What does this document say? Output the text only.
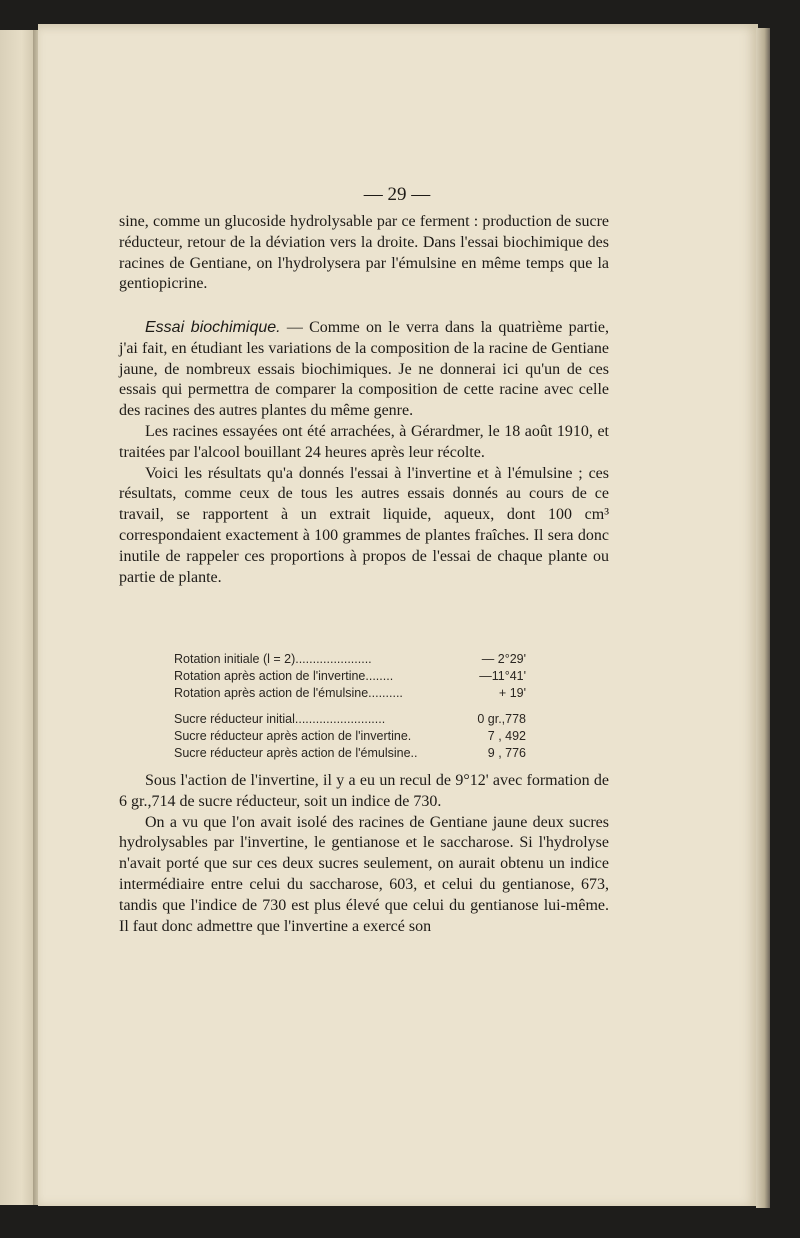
— 29 —

sine, comme un glucoside hydrolysable par ce ferment : production de sucre réducteur, retour de la déviation vers la droite. Dans l'essai biochimique des racines de Gentiane, on l'hydrolysera par l'émulsine en même temps que la gentiopicrine.

Essai biochimique. — Comme on le verra dans la quatrième partie, j'ai fait, en étudiant les variations de la composition de la racine de Gentiane jaune, de nombreux essais biochimiques. Je ne donnerai ici qu'un de ces essais qui permettra de comparer la composition de cette racine avec celle des racines des autres plantes du même genre.

Les racines essayées ont été arrachées, à Gérardmer, le 18 août 1910, et traitées par l'alcool bouillant 24 heures après leur récolte.

Voici les résultats qu'a donnés l'essai à l'invertine et à l'émulsine ; ces résultats, comme ceux de tous les autres essais donnés au cours de ce travail, se rapportent à un extrait liquide, aqueux, dont 100 cm³ correspondaient exactement à 100 grammes de plantes fraîches. Il sera donc inutile de rappeler ces proportions à propos de l'essai de chaque plante ou partie de plante.

Rotation initiale (l = 2)......................	— 2°29'
Rotation après action de l'invertine........	—11°41'
Rotation après action de l'émulsine..........	+ 19'
Sucre réducteur initial..........................	0 gr.,778
Sucre réducteur après action de l'invertine.	7 , 492
Sucre réducteur après action de l'émulsine..	9 , 776

Sous l'action de l'invertine, il y a eu un recul de 9°12' avec formation de 6 gr.,714 de sucre réducteur, soit un indice de 730.

On a vu que l'on avait isolé des racines de Gentiane jaune deux sucres hydrolysables par l'invertine, le gentianose et le saccharose. Si l'hydrolyse n'avait porté que sur ces deux sucres seulement, on aurait obtenu un indice intermédiaire entre celui du saccharose, 603, et celui du gentianose, 673, tandis que l'indice de 730 est plus élevé que celui du gentianose lui-même. Il faut donc admettre que l'invertine a exercé son
